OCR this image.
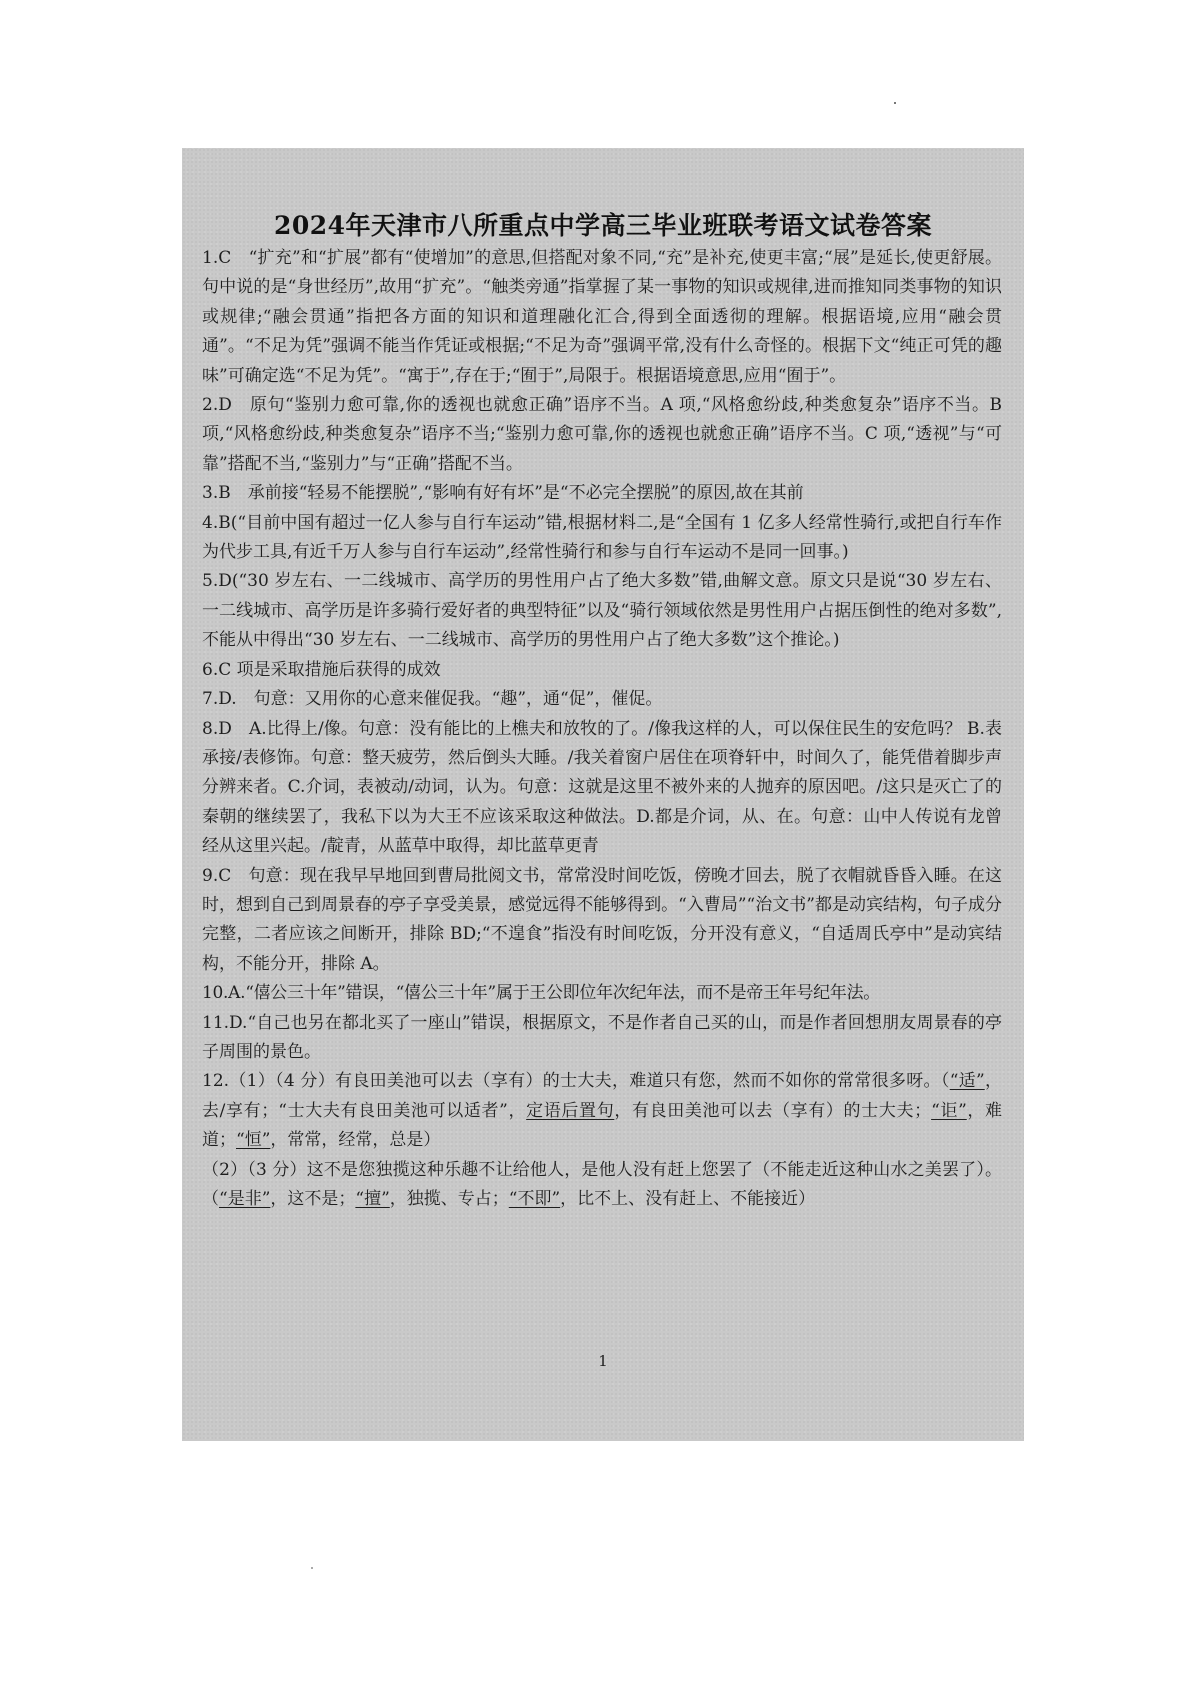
2024年天津市八所重点中学高三毕业班联考语文试卷答案

1.C　“扩充”和“扩展”都有“使增加”的意思,但搭配对象不同,“充”是补充,使更丰富;“展”是延长,使更舒展。句中说的是“身世经历”,故用“扩充”。“触类旁通”指掌握了某一事物的知识或规律,进而推知同类事物的知识或规律;“融会贯通”指把各方面的知识和道理融化汇合,得到全面透彻的理解。根据语境,应用“融会贯通”。“不足为凭”强调不能当作凭证或根据;“不足为奇”强调平常,没有什么奇怪的。根据下文“纯正可凭的趣味”可确定选“不足为凭”。“寓于”,存在于;“囿于”,局限于。根据语境意思,应用“囿于”。

2.D　原句“鉴别力愈可靠,你的透视也就愈正确”语序不当。A 项,“风格愈纷歧,种类愈复杂”语序不当。B 项,“风格愈纷歧,种类愈复杂”语序不当;“鉴别力愈可靠,你的透视也就愈正确”语序不当。C 项,“透视”与“可靠”搭配不当,“鉴别力”与“正确”搭配不当。

3.B　承前接“轻易不能摆脱”,“影响有好有坏”是“不必完全摆脱”的原因,故在其前

4.B(“目前中国有超过一亿人参与自行车运动”错,根据材料二,是“全国有 1 亿多人经常性骑行,或把自行车作为代步工具,有近千万人参与自行车运动”,经常性骑行和参与自行车运动不是同一回事。)

5.D(“30 岁左右、一二线城市、高学历的男性用户占了绝大多数”错,曲解文意。原文只是说“30 岁左右、一二线城市、高学历是许多骑行爱好者的典型特征”以及“骑行领域依然是男性用户占据压倒性的绝对多数”,不能从中得出“30 岁左右、一二线城市、高学历的男性用户占了绝大多数”这个推论。)

6.C 项是采取措施后获得的成效

7.D.　句意：又用你的心意来催促我。“趣”，通“促”，催促。

8.D　A.比得上/像。句意：没有能比的上樵夫和放牧的了。/像我这样的人，可以保住民生的安危吗？ B.表承接/表修饰。句意：整天疲劳，然后倒头大睡。/我关着窗户居住在项脊轩中，时间久了，能凭借着脚步声分辨来者。C.介词，表被动/动词，认为。句意：这就是这里不被外来的人抛弃的原因吧。/这只是灭亡了的秦朝的继续罢了，我私下以为大王不应该采取这种做法。D.都是介词，从、在。句意：山中人传说有龙曾经从这里兴起。/靛青，从蓝草中取得，却比蓝草更青

9.C　句意：现在我早早地回到曹局批阅文书，常常没时间吃饭，傍晚才回去，脱了衣帽就昏昏入睡。在这时，想到自己到周景春的亭子享受美景，感觉远得不能够得到。“入曹局”“治文书”都是动宾结构，句子成分完整，二者应该之间断开，排除 BD;“不遑食”指没有时间吃饭，分开没有意义，“自适周氏亭中”是动宾结构，不能分开，排除 A。

10.A.“僖公三十年”错误，“僖公三十年”属于王公即位年次纪年法，而不是帝王年号纪年法。

11.D.“自己也另在都北买了一座山”错误，根据原文，不是作者自己买的山，而是作者回想朋友周景春的亭子周围的景色。

12.（1）（4 分）有良田美池可以去（享有）的士大夫，难道只有您，然而不如你的常常很多呀。（“适”，去/享有；“士大夫有良田美池可以适者”，定语后置句，有良田美池可以去（享有）的士大夫；“讵”，难道；“恒”，常常，经常，总是）

（2）（3 分）这不是您独揽这种乐趣不让给他人，是他人没有赶上您罢了（不能走近这种山水之美罢了）。（“是非”，这不是；“擅”，独揽、专占；“不即”，比不上、没有赶上、不能接近）

1
